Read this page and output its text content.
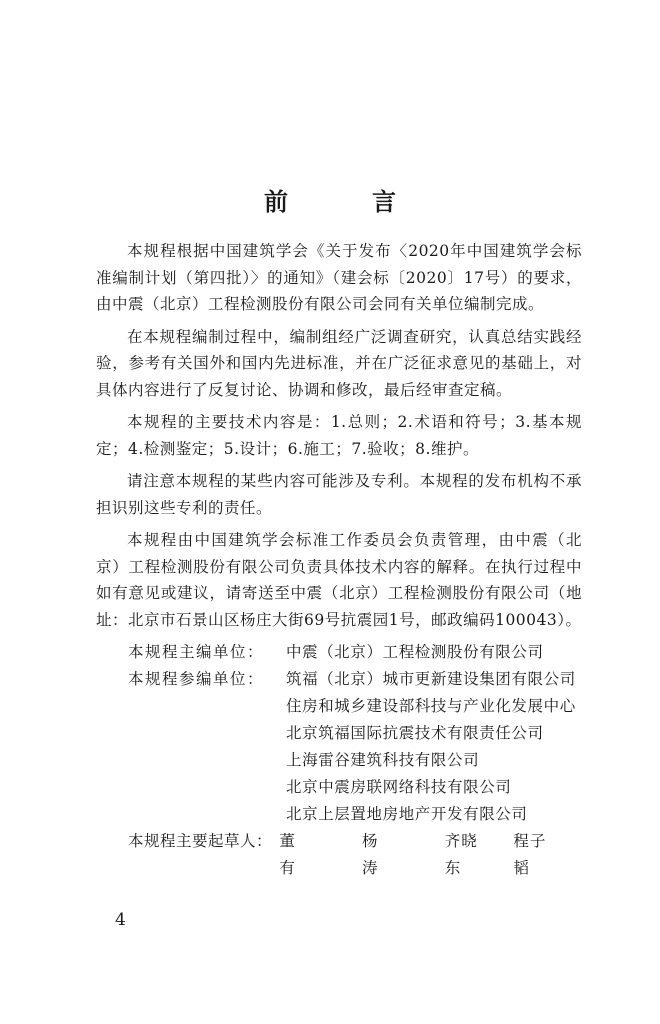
前　言

本规程根据中国建筑学会《关于发布〈2020年中国建筑学会标准编制计划（第四批）〉的通知》（建会标〔2020〕17号）的要求，由中震（北京）工程检测股份有限公司会同有关单位编制完成。

在本规程编制过程中，编制组经广泛调查研究，认真总结实践经验，参考有关国外和国内先进标准，并在广泛征求意见的基础上，对具体内容进行了反复讨论、协调和修改，最后经审查定稿。

本规程的主要技术内容是：1.总则；2.术语和符号；3.基本规定；4.检测鉴定；5.设计；6.施工；7.验收；8.维护。

请注意本规程的某些内容可能涉及专利。本规程的发布机构不承担识别这些专利的责任。

本规程由中国建筑学会标准工作委员会负责管理，由中震（北京）工程检测股份有限公司负责具体技术内容的解释。在执行过程中如有意见或建议，请寄送至中震（北京）工程检测股份有限公司（地址：北京市石景山区杨庄大街69号抗震园1号，邮政编码100043）。

本规程主编单位：	中震（北京）工程检测股份有限公司
本规程参编单位：	筑福（北京）城市更新建设集团有限公司
住房和城乡建设部科技与产业化发展中心
北京筑福国际抗震技术有限责任公司
上海雷谷建筑科技有限公司
北京中震房联网络科技有限公司
北京上层置地房地产开发有限公司
本规程主要起草人： 董　有
杨　涛
齐晓东
程子韬
4
